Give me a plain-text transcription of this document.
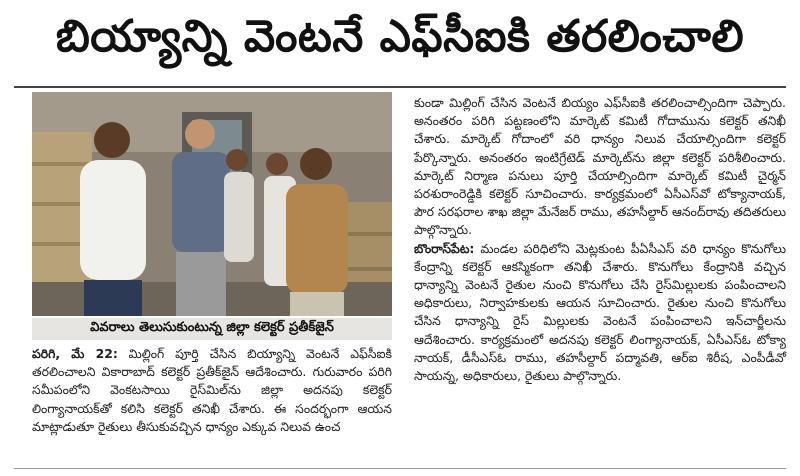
బియ్యాన్ని వెంటనే ఎఫ్‌సీఐకి తరలించాలి
వివరాలు తెలుసుకుంటున్న జిల్లా కలెక్టర్ ప్రతీక్‌జైన్

పరిగి, మే 22: మిల్లింగ్ పూర్తి చేసిన బియ్యాన్ని వెంటనే ఎఫ్‌సీఐకి తరలించాలని వికారాబాద్ కలెక్టర్ ప్రతీక్‌జైన్ ఆదేశించారు. గురువారం పరిగి సమీపంలోని వెంకటసాయి రైస్‌మిల్‌ను జిల్లా అదనపు కలెక్టర్ లింగ్యానాయక్‌తో కలిసి కలెక్టర్ తనిఖీ చేశారు. ఈ సందర్భంగా ఆయన మాట్లాడుతూ రైతులు తీసుకువచ్చిన ధాన్యం ఎక్కువ నిలువ ఉంచ

కుండా మిల్లింగ్ చేసిన వెంటనే బియ్యం ఎఫ్‌సీఐకి తరలించాల్సిందిగా చెప్పారు. అనంతరం పరిగి పట్టణంలోని మార్కెట్ కమిటీ గోదామును కలెక్టర్ తనిఖీ చేశారు. మార్కెట్ గోదాంలో వరి ధాన్యం నిలువ చేయాల్సిందిగా కలెక్టర్ పేర్కొన్నారు. అనంతరం ఇంటిగ్రేటెడ్ మార్కెట్‌ను జిల్లా కలెక్టర్ పరిశీలించారు. మార్కెట్ నిర్మాణ పనులు పూర్తి చేయాల్సిందిగా మార్కెట్ కమిటీ చైర్మన్ పరశురాంరెడ్డికి కలెక్టర్ సూచించారు. కార్యక్రమంలో ఏసీఎస్‌వో టోక్యానాయక్, పౌర సరఫరాల శాఖ జిల్లా మేనేజర్ రాము, తహసీల్దార్ ఆనంద్‌రావు తదితరులు పాల్గొన్నారు.

బొంరాస్‌పేట: మండల పరిధిలోని మెట్లకుంట పీఏసీఎస్ వరి ధాన్యం కొనుగోలు కేంద్రాన్ని కలెక్టర్ ఆకస్మికంగా తనిఖీ చేశారు. కొనుగోలు కేంద్రానికి వచ్చిన ధాన్యాన్ని వెంటనే రైతుల నుంచి కొనుగోలు చేసి రైస్‌మిల్లులకు పంపించాలని అధికారులు, నిర్వాహకులకు ఆయన సూచించారు. రైతుల నుంచి కొనుగోలు చేసిన ధాన్యాన్ని రైస్ మిల్లులకు వెంటనే పంపించాలని ఇన్‌చార్జీలను ఆదేశించారు. కార్యక్రమంలో అదనపు కలెక్టర్ లింగ్యానాయక్, ఏసీఎస్‌ఓ టోక్యా నాయక్, డీసీఎస్‌ఓ రాము, తహసీల్దార్ పద్మావతి, ఆర్ఐ శిరీష, ఎంపీడీవో సాయన్న, అధికారులు, రైతులు పాల్గొన్నారు.
